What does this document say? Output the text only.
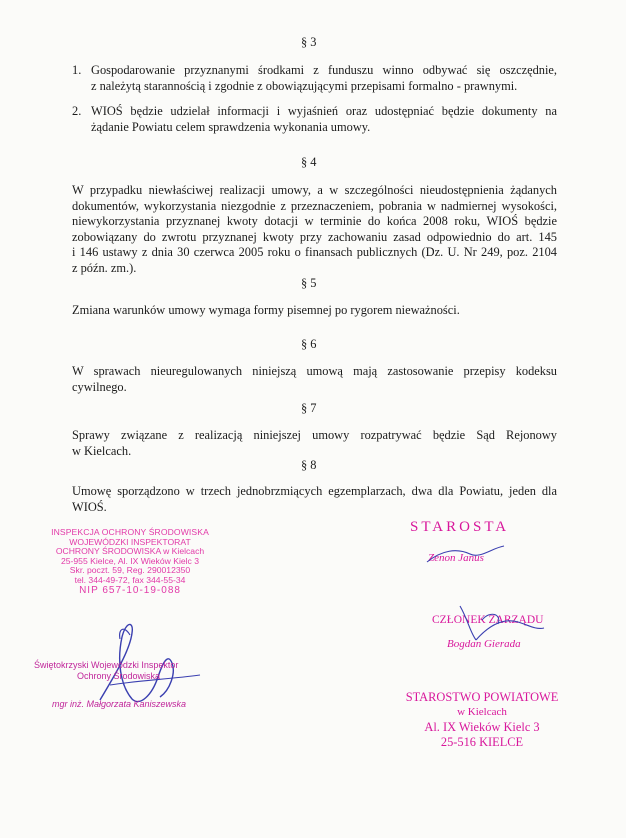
§ 3
1. Gospodarowanie przyznanymi środkami z funduszu winno odbywać się oszczędnie,
z należytą starannością i zgodnie z obowiązującymi przepisami formalno - prawnymi.
2. WIOŚ będzie udzielał informacji i wyjaśnień oraz udostępniać będzie dokumenty na
żądanie Powiatu celem sprawdzenia wykonania umowy.
§ 4
W przypadku niewłaściwej realizacji umowy, a w szczególności nieudostępnienia żądanych
dokumentów, wykorzystania niezgodnie z przeznaczeniem, pobrania w nadmiernej wysokości,
niewykorzystania przyznanej kwoty dotacji w terminie do końca 2008 roku, WIOŚ będzie
zobowiązany do zwrotu przyznanej kwoty przy zachowaniu zasad odpowiednio do art. 145
i 146 ustawy z dnia 30 czerwca 2005 roku o finansach publicznych (Dz. U. Nr 249, poz. 2104
z późn. zm.).
§ 5
Zmiana warunków umowy wymaga formy pisemnej po rygorem nieważności.
§ 6
W sprawach nieuregulowanych niniejszą umową mają zastosowanie przepisy kodeksu
cywilnego.
§ 7
Sprawy związane z realizacją niniejszej umowy rozpatrywać będzie Sąd Rejonowy
w Kielcach.
§ 8
Umowę sporządzono w trzech jednobrzmiących egzemplarzach, dwa dla Powiatu, jeden dla
WIOŚ.
INSPEKCJA OCHRONY ŚRODOWISKA
WOJEWÓDZKI INSPEKTORAT
OCHRONY ŚRODOWISKA w Kielcach
25-955 Kielce, Al. IX Wieków Kielc 3
Skr. poczt. 59, Reg. 290012350
tel. 344-49-72, fax 344-55-34
NIP 657-10-19-088
Świętokrzyski Wojewódzki Inspektor
Ochrony Środowiska
mgr inż. Małgorzata Kaniszewska
STAROSTA
Zenon Janus
CZŁONEK ZARZĄDU
Bogdan Gierada
STAROSTWO POWIATOWE
w Kielcach
Al. IX Wieków Kielc 3
25-516 KIELCE
